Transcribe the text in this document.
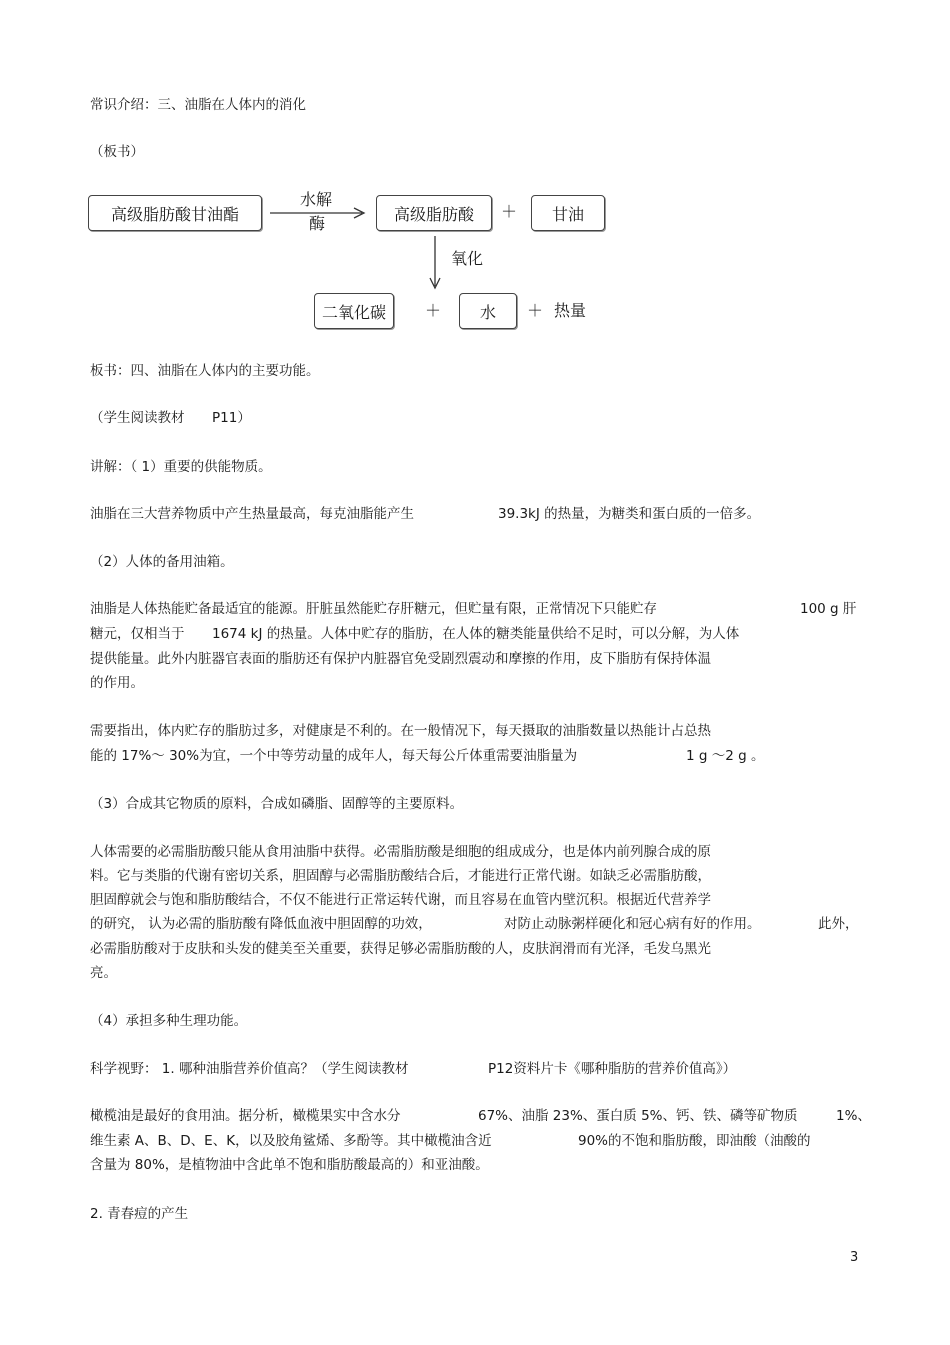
常识介绍：三、油脂在人体内的消化
（板书）
高级脂肪酸甘油酯
水解
酶	高级脂肪酸	＋	甘油
氧化
二氧化碳	＋	水	＋ 热量
板书：四、油脂在人体内的主要功能。
（学生阅读教材 P11）
讲解：（ 1）重要的供能物质。
油脂在三大营养物质中产生热量最高，每克油脂能产生	39.3kJ 的热量，为糖类和蛋白质的一倍多。
（2）人体的备用油箱。
油脂是人体热能贮备最适宜的能源。肝脏虽然能贮存肝糖元，但贮量有限，正常情况下只能贮存	100 g 肝
糖元，仅相当于 1674 kJ 的热量。人体中贮存的脂肪，在人体的糖类能量供给不足时，可以分解，为人体
提供能量。此外内脏器官表面的脂肪还有保护内脏器官免受剧烈震动和摩擦的作用，皮下脂肪有保持体温
的作用。
需要指出，体内贮存的脂肪过多，对健康是不利的。在一般情况下，每天摄取的油脂数量以热能计占总热
能的 17%～ 30%为宜，一个中等劳动量的成年人，每天每公斤体重需要油脂量为	1 g ～2 g 。
（3）合成其它物质的原料，合成如磷脂、固醇等的主要原料。
人体需要的必需脂肪酸只能从食用油脂中获得。必需脂肪酸是细胞的组成成分，也是体内前列腺合成的原
料。它与类脂的代谢有密切关系，胆固醇与必需脂肪酸结合后，才能进行正常代谢。如缺乏必需脂肪酸，
胆固醇就会与饱和脂肪酸结合，不仅不能进行正常运转代谢，而且容易在血管内壁沉积。根据近代营养学
的研究， 认为必需的脂肪酸有降低血液中胆固醇的功效，	对防止动脉粥样硬化和冠心病有好的作用。	此外，
必需脂肪酸对于皮肤和头发的健美至关重要，获得足够必需脂肪酸的人，皮肤润滑而有光泽，毛发乌黑光
亮。
（4）承担多种生理功能。
科学视野： 1. 哪种油脂营养价值高？（学生阅读教材	P12资料片卡《哪种脂肪的营养价值高》）
橄榄油是最好的食用油。据分析，橄榄果实中含水分	67%、油脂 23%、蛋白质 5%、钙、铁、磷等矿物质	1%、
维生素 A、B、D、E、K，以及胶角鲨烯、多酚等。其中橄榄油含近	90%的不饱和脂肪酸，即油酸（油酸的
含量为 80%，是植物油中含此单不饱和脂肪酸最高的）和亚油酸。
2. 青春痘的产生
3
